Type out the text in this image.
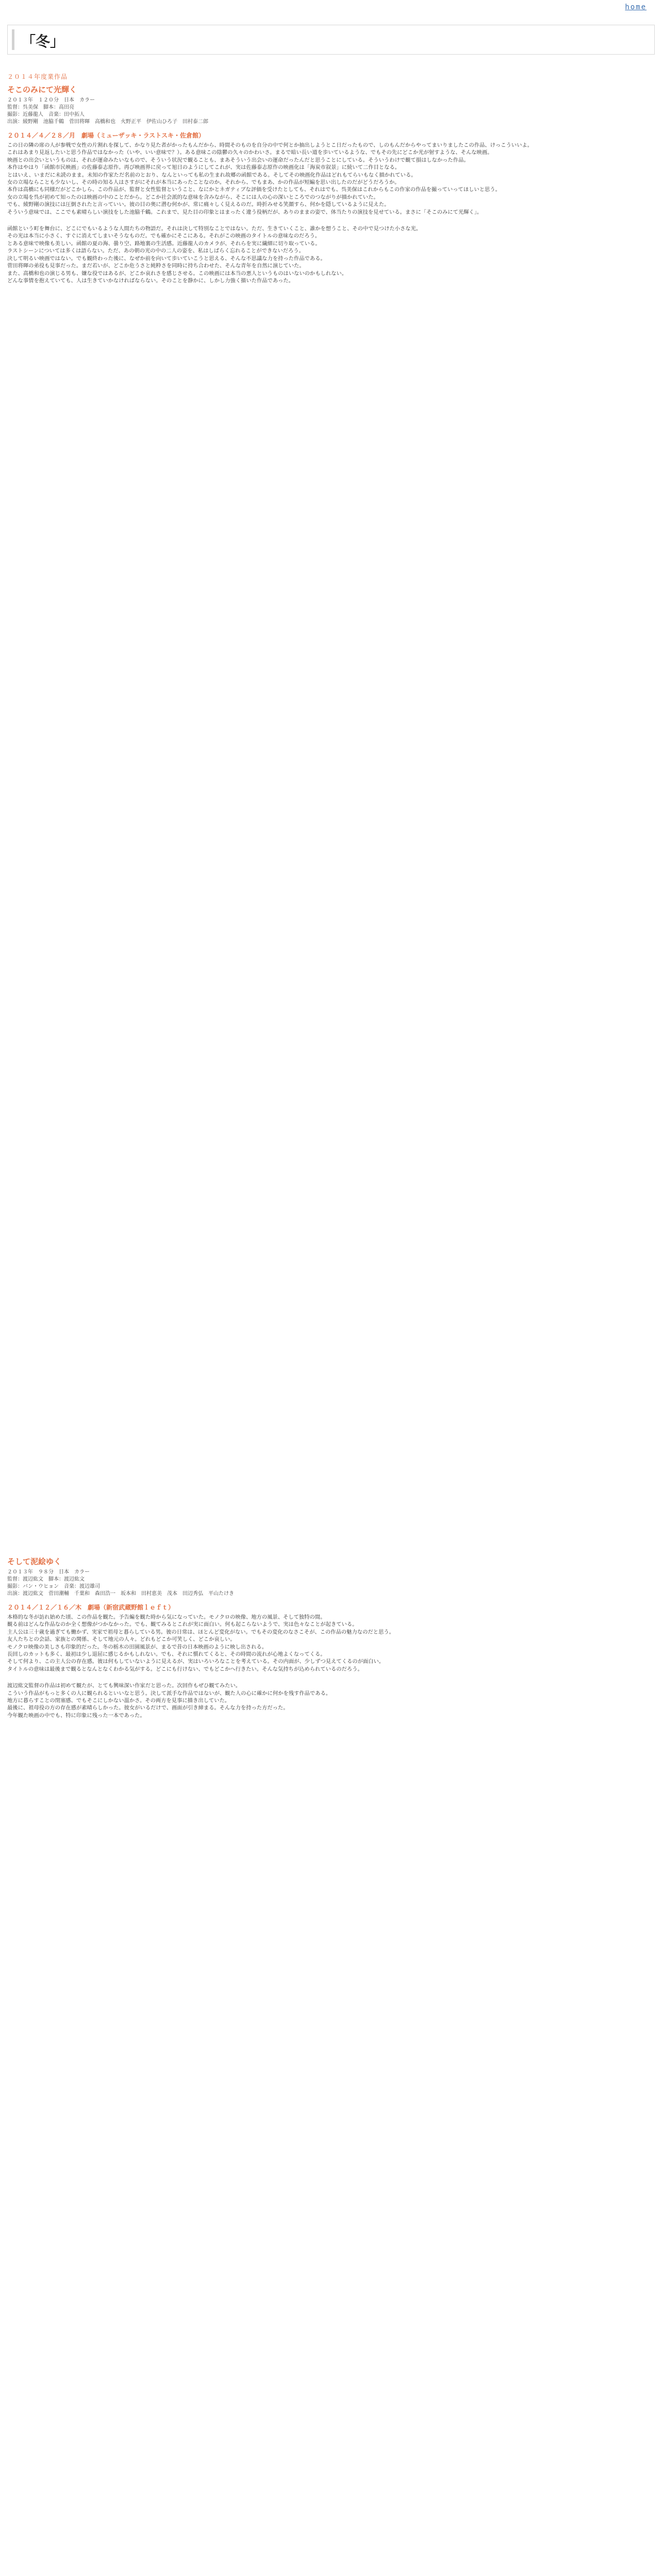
home
「冬」
２０１４年度業作品
そこのみにて光輝く
２０１３年　１２０分　日本　カラー
監督：呉美保　脚本：高田亮
撮影：近藤龍人　音楽：田中拓人
出演：綾野剛　池脇千鶴　菅田将暉　高橋和也　火野正平　伊佐山ひろ子　田村泰二郎
２０１４／４／２８／月　劇場（ミューザッキ・ラストスキ・佐倉館）

この日の隣の席の人が参戦で女性の片割れを探して、かなり見た者がかったもんだから、時間そのものを自分の中で何とか抽出しようとこ日だったもので、しのもんだからやってまいりましたこの作品、けっこういいよ。

これはあまり見返したいと思う作品ではなかった（いや、いい意味で？）。ある意味この陰鬱の久々のかわいさ。まるで暗い長い道を歩いているような、でもその先にどこか光が射すような、そんな映画。

映画との出会いというものは、それが運命みたいなもので、そういう状況で観ることも、まあそういう出会いの運命だったんだと思うことにしている。そういうわけで観て損はしなかった作品。

本作はやはり「函館市民映画」の佐藤泰志原作。再び映画界に戻って旭日のようにしてこれが、実は佐藤泰志原作の映画化は「海炭市叙景」に続いて二作目となる。

とはいえ、いまだに未読のまま。未知の作家ただ名前のとおり、なんといっても私の生まれ故郷の函館である。そしてその映画化作品はどれもてらいもなく描かれている。

女の立場ならことも少ないし、その時の知る人はさすがにそれが本当にあったことなのか。それから、でもまあ、かの作品が短編を思い出したのだがどうだろうか。

本作は高橋にも同様だがどこかしら、この作品が、監督と女性監督ということ、なにかとネガティブな評価を受けたとしても、それはでも、呉美保はこれからもこの作家の作品を撮っていってほしいと思う。

女の立場を呉が初めて知ったのは映画の中のことだから。どこか社会派的な意味を含みながら、そこには人の心の深いところでのつながりが描かれていた。

でも、綾野剛の演技には圧倒されたと言っていい。彼の目の奥に潜む何かが、常に痛々しく見えるのだ。時折みせる笑顔すら、何かを隠しているように見えた。

そういう意味では、ここでも素晴らしい演技をした池脇千鶴。これまで、見た目の印象とはまったく違う役柄だが、ありのままの姿で、体当たりの演技を見せている。まさに「そこのみにて光輝く」。

函館という町を舞台に、どこにでもいるような人間たちの物語だ。それは決して特別なことではない。ただ、生きていくこと、誰かを想うこと、その中で見つけた小さな光。

その光は本当に小さく、すぐに消えてしまいそうなものだ。でも確かにそこにある。それがこの映画のタイトルの意味なのだろう。

とある意味で映像も美しい。函館の夏の海、曇り空、路地裏の生活感。近藤龍人のカメラが、それらを実に繊細に切り取っている。

ラストシーンについては多くは語らない。ただ、あの朝の光の中の二人の姿を、私はしばらく忘れることができないだろう。

決して明るい映画ではない。でも観終わった後に、なぜか前を向いて歩いていこうと思える、そんな不思議な力を持った作品である。

菅田将暉の弟役も見事だった。まだ若いが、どこか危うさと純粋さを同時に持ち合わせた、そんな青年を自然に演じていた。

また、高橋和也の演じる男も、嫌な役ではあるが、どこか哀れさを感じさせる。この映画には本当の悪人というものはいないのかもしれない。

どんな事情を抱えていても、人は生きていかなければならない。そのことを静かに、しかし力強く描いた作品であった。

そして泥絵ゆく
２０１３年　９８分　日本　カラー
監督：渡辺紘文　脚本：渡辺紘文
撮影：バン・ウヒョン　音楽：渡辺雄司
出演：渡辺紘文　菅田潮輔　千葉和　森田浩一　坂本和　田村恵美　茂本　田辺秀弘　平山たけき
２０１４／１２／１６／木　劇場（新宿武蔵野館ｌｅｆｔ）

本格的な冬が訪れ始めた頃、この作品を観た。予告編を観た時から気になっていた。モノクロの映像、地方の風景、そして独特の間。

観る前はどんな作品なのか全く想像がつかなかった。でも、観てみるとこれが実に面白い。何も起こらないようで、実は色々なことが起きている。

主人公は三十歳を過ぎても働かず、実家で祖母と暮らしている男。彼の日常は、ほとんど変化がない。でもその変化のなさこそが、この作品の魅力なのだと思う。

友人たちとの会話、家族との関係、そして地元の人々。どれもどこか可笑しく、どこか哀しい。

モノクロ映像の美しさも印象的だった。冬の栃木の田園風景が、まるで昔の日本映画のように映し出される。

長回しのカットも多く、最初は少し退屈に感じるかもしれない。でも、それに慣れてくると、その時間の流れが心地よくなってくる。

そして何より、この主人公の存在感。彼は何もしていないように見えるが、実はいろいろなことを考えている。その内面が、少しずつ見えてくるのが面白い。

タイトルの意味は最後まで観るとなんとなくわかる気がする。どこにも行けない、でもどこかへ行きたい。そんな気持ちが込められているのだろう。

渡辺紘文監督の作品は初めて観たが、とても興味深い作家だと思った。次回作もぜひ観てみたい。

こういう作品がもっと多くの人に観られるといいなと思う。決して派手な作品ではないが、観た人の心に確かに何かを残す作品である。

地方に暮らすことの閉塞感、でもそこにしかない温かさ。その両方を見事に描き出していた。

最後に、祖母役の方の存在感が素晴らしかった。彼女がいるだけで、画面が引き締まる。そんな力を持った方だった。

今年観た映画の中でも、特に印象に残った一本であった。
